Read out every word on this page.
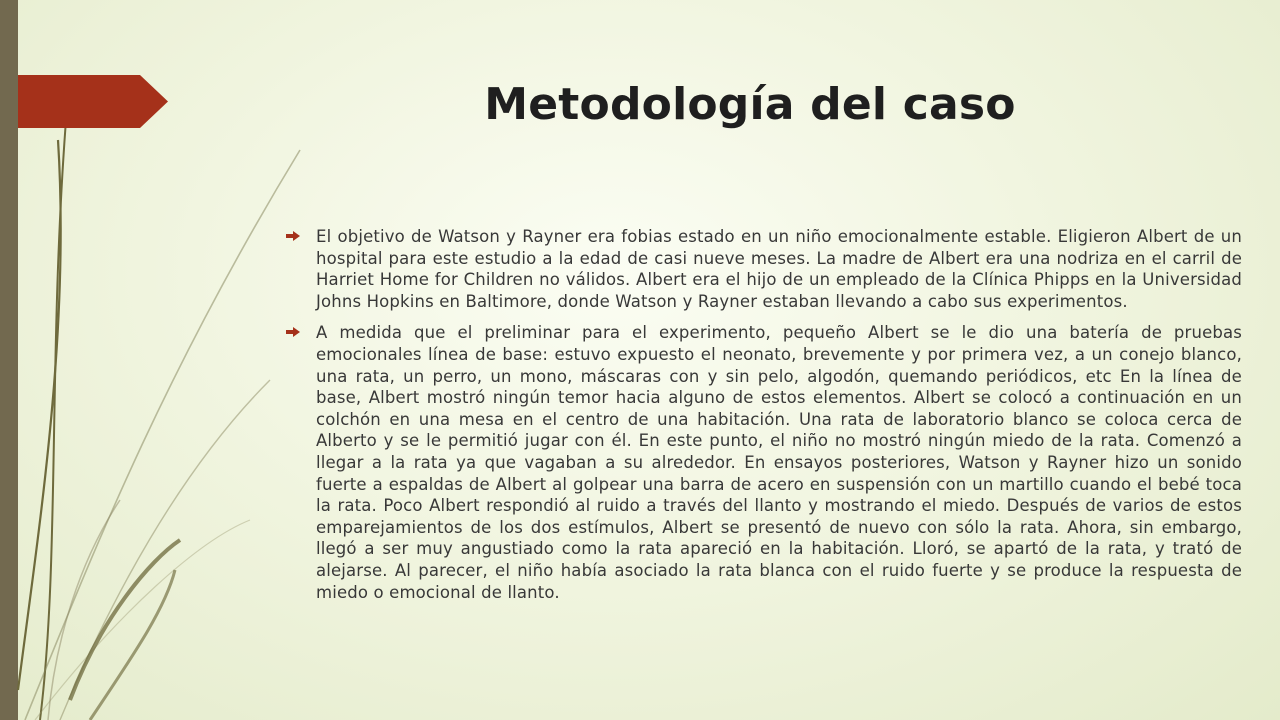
Metodología del caso
El objetivo de Watson y Rayner era fobias estado en un niño emocionalmente estable. Eligieron Albert de un hospital para este estudio a la edad de casi nueve meses. La madre de Albert era una nodriza en el carril de Harriet Home for Children no válidos. Albert era el hijo de un empleado de la Clínica Phipps en la Universidad Johns Hopkins en Baltimore, donde Watson y Rayner estaban llevando a cabo sus experimentos.
A medida que el preliminar para el experimento, pequeño Albert se le dio una batería de pruebas emocionales línea de base: estuvo expuesto el neonato, brevemente y por primera vez, a un conejo blanco, una rata, un perro, un mono, máscaras con y sin pelo, algodón, quemando periódicos, etc En la línea de base, Albert mostró ningún temor hacia alguno de estos elementos. Albert se colocó a continuación en un colchón en una mesa en el centro de una habitación. Una rata de laboratorio blanco se coloca cerca de Alberto y se le permitió jugar con él. En este punto, el niño no mostró ningún miedo de la rata. Comenzó a llegar a la rata ya que vagaban a su alrededor. En ensayos posteriores, Watson y Rayner hizo un sonido fuerte a espaldas de Albert al golpear una barra de acero en suspensión con un martillo cuando el bebé toca la rata. Poco Albert respondió al ruido a través del llanto y mostrando el miedo. Después de varios de estos emparejamientos de los dos estímulos, Albert se presentó de nuevo con sólo la rata. Ahora, sin embargo, llegó a ser muy angustiado como la rata apareció en la habitación. Lloró, se apartó de la rata, y trató de alejarse. Al parecer, el niño había asociado la rata blanca con el ruido fuerte y se produce la respuesta de miedo o emocional de llanto.
